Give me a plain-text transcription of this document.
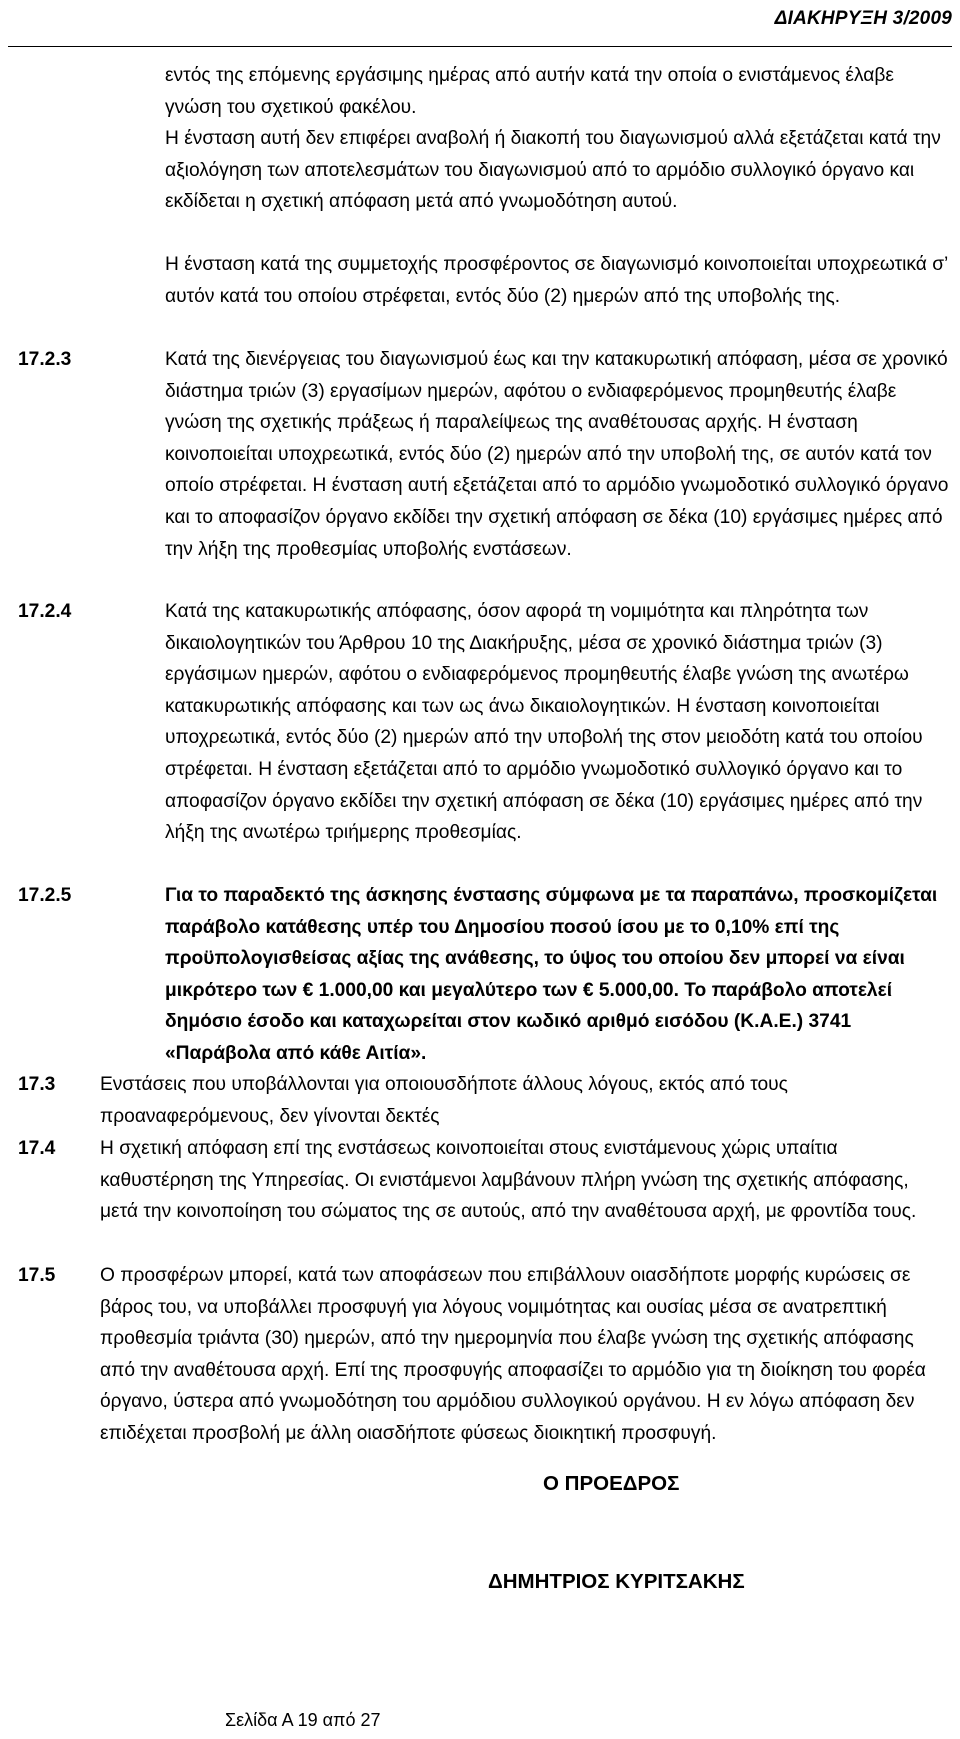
ΔΙΑΚΗΡΥΞΗ 3/2009

εντός της επόμενης εργάσιμης ημέρας από αυτήν κατά την οποία ο ενιστάμενος έλαβε γνώση του σχετικού φακέλου.

Η ένσταση αυτή δεν επιφέρει αναβολή ή διακοπή του διαγωνισμού αλλά εξετάζεται κατά την αξιολόγηση των αποτελεσμάτων του διαγωνισμού από το αρμόδιο συλλογικό όργανο και εκδίδεται η σχετική απόφαση μετά από γνωμοδότηση αυτού.

Η ένσταση κατά της συμμετοχής προσφέροντος σε διαγωνισμό κοινοποιείται υποχρεωτικά σ’ αυτόν κατά του οποίου στρέφεται, εντός δύο (2) ημερών από της υποβολής της.

17.2.3	Κατά της διενέργειας του διαγωνισμού έως και την κατακυρωτική απόφαση, μέσα σε χρονικό διάστημα τριών (3) εργασίμων ημερών, αφότου ο ενδιαφερόμενος προμηθευτής έλαβε γνώση της σχετικής πράξεως ή παραλείψεως της αναθέτουσας αρχής. Η ένσταση κοινοποιείται υποχρεωτικά, εντός δύο (2) ημερών από την υποβολή της, σε αυτόν κατά τον οποίο στρέφεται. Η ένσταση αυτή εξετάζεται από το αρμόδιο γνωμοδοτικό συλλογικό όργανο και το αποφασίζον όργανο εκδίδει την σχετική απόφαση σε δέκα (10) εργάσιμες ημέρες από την λήξη της προθεσμίας υποβολής ενστάσεων.

17.2.4	Κατά της κατακυρωτικής απόφασης, όσον αφορά τη νομιμότητα και πληρότητα των δικαιολογητικών του Άρθρου 10 της Διακήρυξης, μέσα σε χρονικό διάστημα τριών (3) εργάσιμων ημερών, αφότου ο ενδιαφερόμενος προμηθευτής έλαβε γνώση της ανωτέρω κατακυρωτικής απόφασης και των ως άνω δικαιολογητικών. Η ένσταση κοινοποιείται υποχρεωτικά, εντός δύο (2) ημερών από την υποβολή της στον μειοδότη κατά του οποίου στρέφεται. Η ένσταση εξετάζεται από το αρμόδιο γνωμοδοτικό συλλογικό όργανο και το αποφασίζον όργανο εκδίδει την σχετική απόφαση σε δέκα (10) εργάσιμες ημέρες από την λήξη της ανωτέρω τριήμερης προθεσμίας.

17.2.5	Για το παραδεκτό της άσκησης ένστασης σύμφωνα με τα παραπάνω, προσκομίζεται παράβολο κατάθεσης υπέρ του Δημοσίου ποσού ίσου με το 0,10% επί της προϋπολογισθείσας αξίας της ανάθεσης, το ύψος του οποίου δεν μπορεί να είναι μικρότερο των € 1.000,00 και μεγαλύτερο των € 5.000,00. Το παράβολο αποτελεί δημόσιο έσοδο και καταχωρείται στον κωδικό αριθμό εισόδου (Κ.Α.Ε.) 3741 «Παράβολα από κάθε Αιτία».

17.3 Ενστάσεις που υποβάλλονται για οποιουσδήποτε άλλους λόγους, εκτός από τους προαναφερόμενους, δεν γίνονται δεκτές

17.4 Η σχετική απόφαση επί της ενστάσεως κοινοποιείται στους ενιστάμενους χώρις υπαίτια καθυστέρηση της Υπηρεσίας. Οι ενιστάμενοι λαμβάνουν πλήρη γνώση της σχετικής απόφασης, μετά την κοινοποίηση του σώματος της σε αυτούς, από την αναθέτουσα αρχή, με φροντίδα τους.

17.5 Ο προσφέρων μπορεί, κατά των αποφάσεων που επιβάλλουν οιασδήποτε μορφής κυρώσεις σε βάρος του, να υποβάλλει προσφυγή για λόγους νομιμότητας και ουσίας μέσα σε ανατρεπτική προθεσμία τριάντα (30) ημερών, από την ημερομηνία που έλαβε γνώση της σχετικής απόφασης από την αναθέτουσα αρχή. Επί της προσφυγής αποφασίζει το αρμόδιο για τη διοίκηση του φορέα όργανο, ύστερα από γνωμοδότηση του αρμόδιου συλλογικού οργάνου. Η εν λόγω απόφαση δεν επιδέχεται προσβολή με άλλη οιασδήποτε φύσεως διοικητική προσφυγή.

Ο ΠΡΟΕΔΡΟΣ
ΔΗΜΗΤΡΙΟΣ ΚΥΡΙΤΣΑΚΗΣ
Σελίδα Α 19 από 27
